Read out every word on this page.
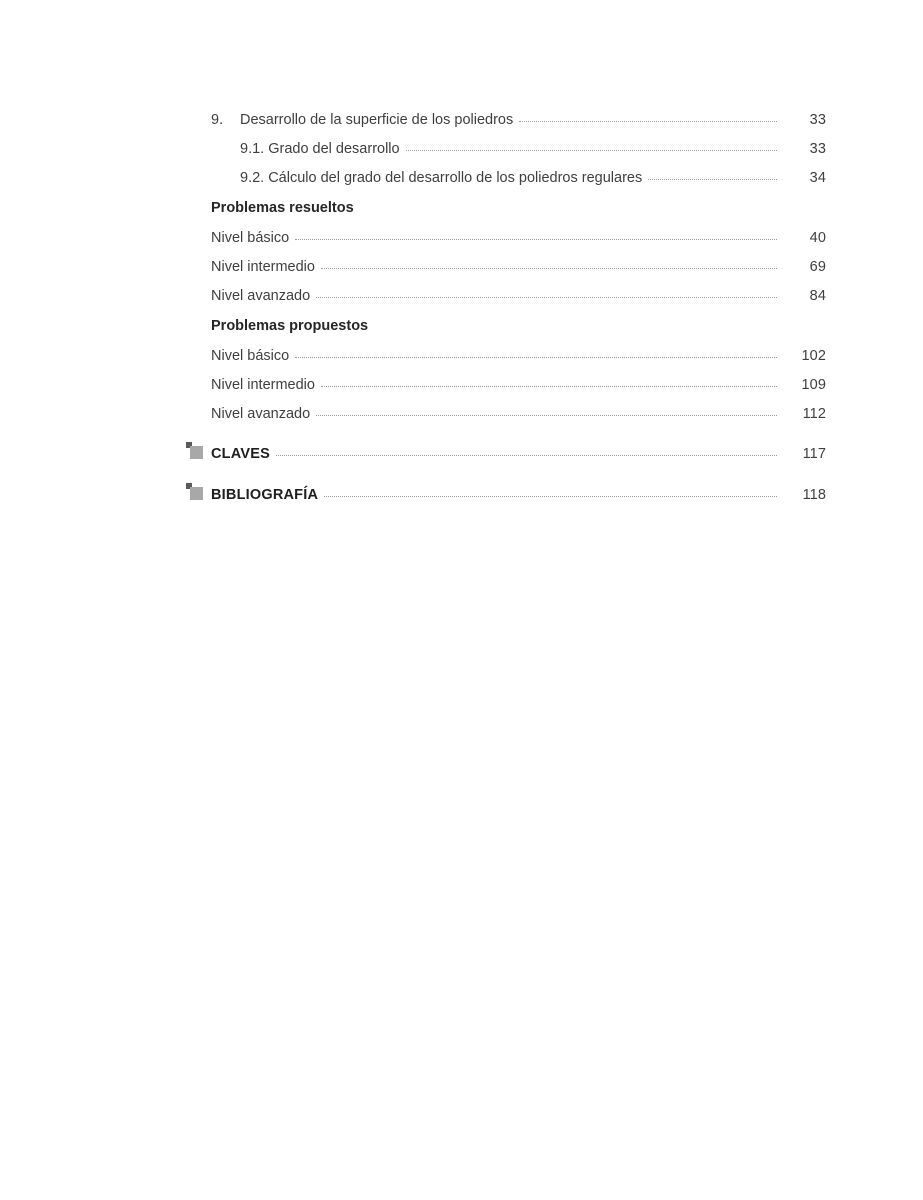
9.	Desarrollo de la superficie de los poliedros	33
9.1. Grado del desarrollo	33
9.2. Cálculo del grado del desarrollo de los poliedros regulares	34
Problemas resueltos
Nivel básico	40
Nivel intermedio	69
Nivel avanzado	84
Problemas propuestos
Nivel básico	102
Nivel intermedio	109
Nivel avanzado	112
CLAVES	117
BIBLIOGRAFÍA	118
